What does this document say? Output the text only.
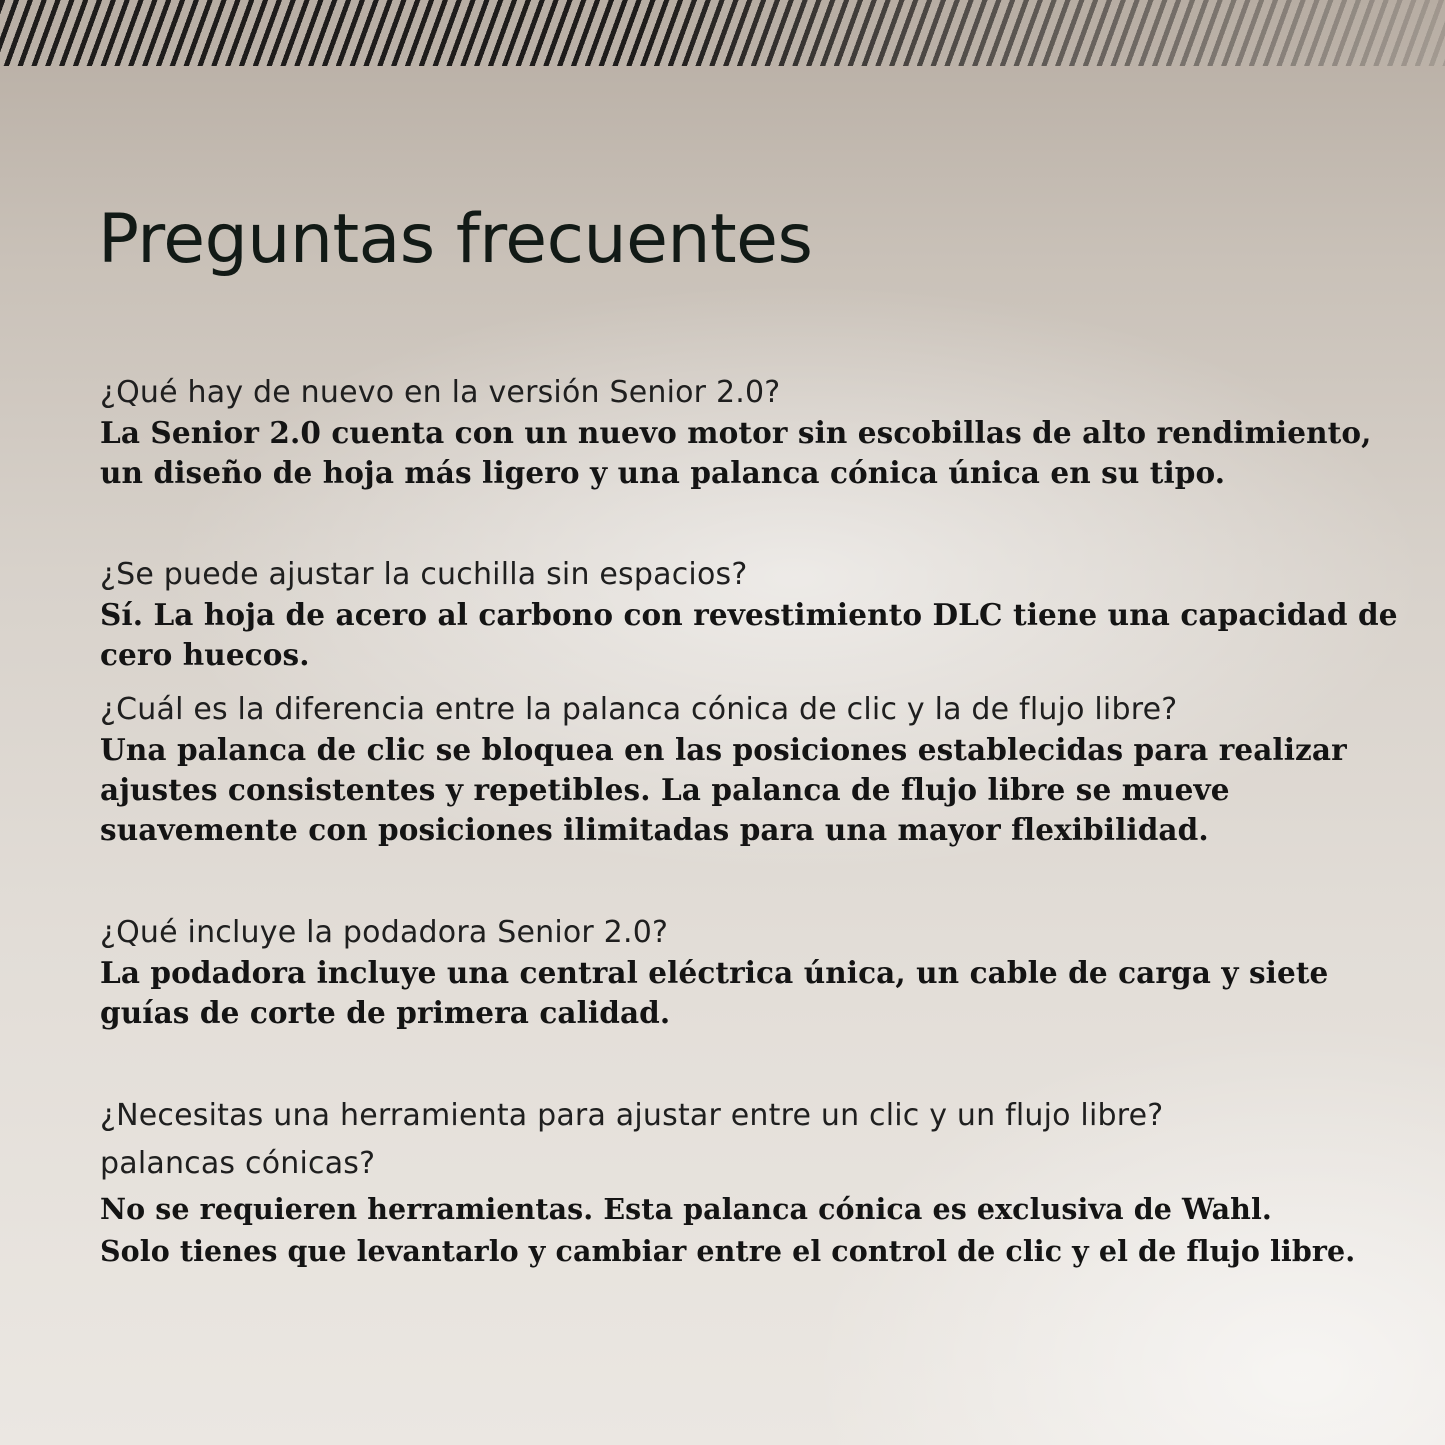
Preguntas frecuentes
¿Qué hay de nuevo en la versión Senior 2.0?
La Senior 2.0 cuenta con un nuevo motor sin escobillas de alto rendimiento,
un diseño de hoja más ligero y una palanca cónica única en su tipo.
¿Se puede ajustar la cuchilla sin espacios?
Sí. La hoja de acero al carbono con revestimiento DLC tiene una capacidad de
cero huecos.
¿Cuál es la diferencia entre la palanca cónica de clic y la de flujo libre?
Una palanca de clic se bloquea en las posiciones establecidas para realizar
ajustes consistentes y repetibles. La palanca de flujo libre se mueve
suavemente con posiciones ilimitadas para una mayor flexibilidad.
¿Qué incluye la podadora Senior 2.0?
La podadora incluye una central eléctrica única, un cable de carga y siete
guías de corte de primera calidad.
¿Necesitas una herramienta para ajustar entre un clic y un flujo libre?
palancas cónicas?
No se requieren herramientas. Esta palanca cónica es exclusiva de Wahl.
Solo tienes que levantarlo y cambiar entre el control de clic y el de flujo libre.
